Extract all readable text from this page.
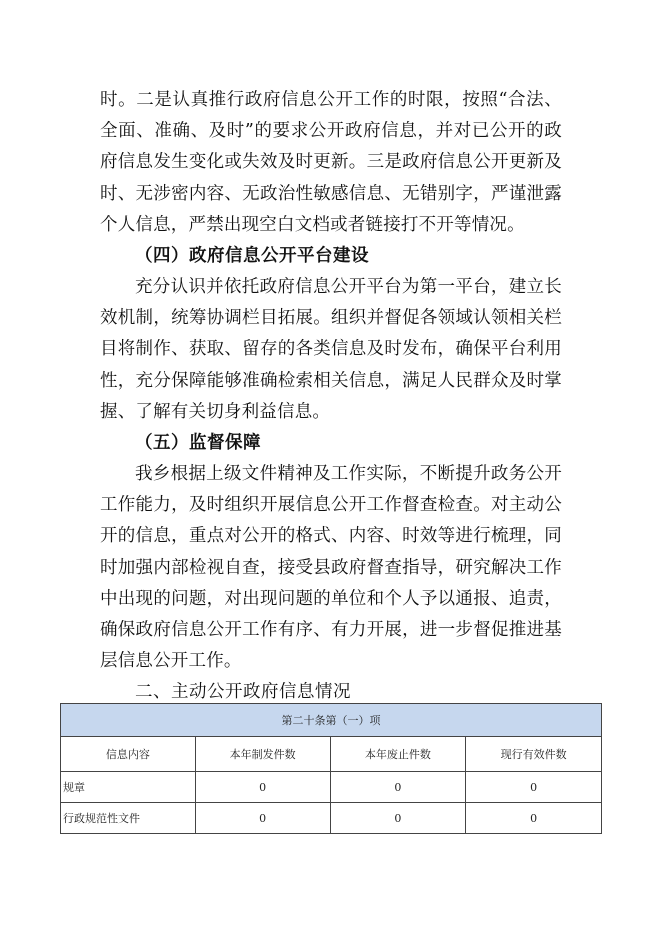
时。二是认真推行政府信息公开工作的时限，按照“合法、全面、准确、及时”的要求公开政府信息，并对已公开的政府信息发生变化或失效及时更新。三是政府信息公开更新及时、无涉密内容、无政治性敏感信息、无错别字，严谨泄露个人信息，严禁出现空白文档或者链接打不开等情况。

（四）政府信息公开平台建设

充分认识并依托政府信息公开平台为第一平台，建立长效机制，统筹协调栏目拓展。组织并督促各领域认领相关栏目将制作、获取、留存的各类信息及时发布，确保平台利用性，充分保障能够准确检索相关信息，满足人民群众及时掌握、了解有关切身利益信息。

（五）监督保障

我乡根据上级文件精神及工作实际，不断提升政务公开工作能力，及时组织开展信息公开工作督查检查。对主动公开的信息，重点对公开的格式、内容、时效等进行梳理，同时加强内部检视自查，接受县政府督查指导，研究解决工作中出现的问题，对出现问题的单位和个人予以通报、追责，确保政府信息公开工作有序、有力开展，进一步督促推进基层信息公开工作。

二、主动公开政府信息情况

第二十条第（一）项			
信息内容	本年制发件数	本年废止件数	现行有效件数
规章	0	0	0
行政规范性文件	0	0	0
